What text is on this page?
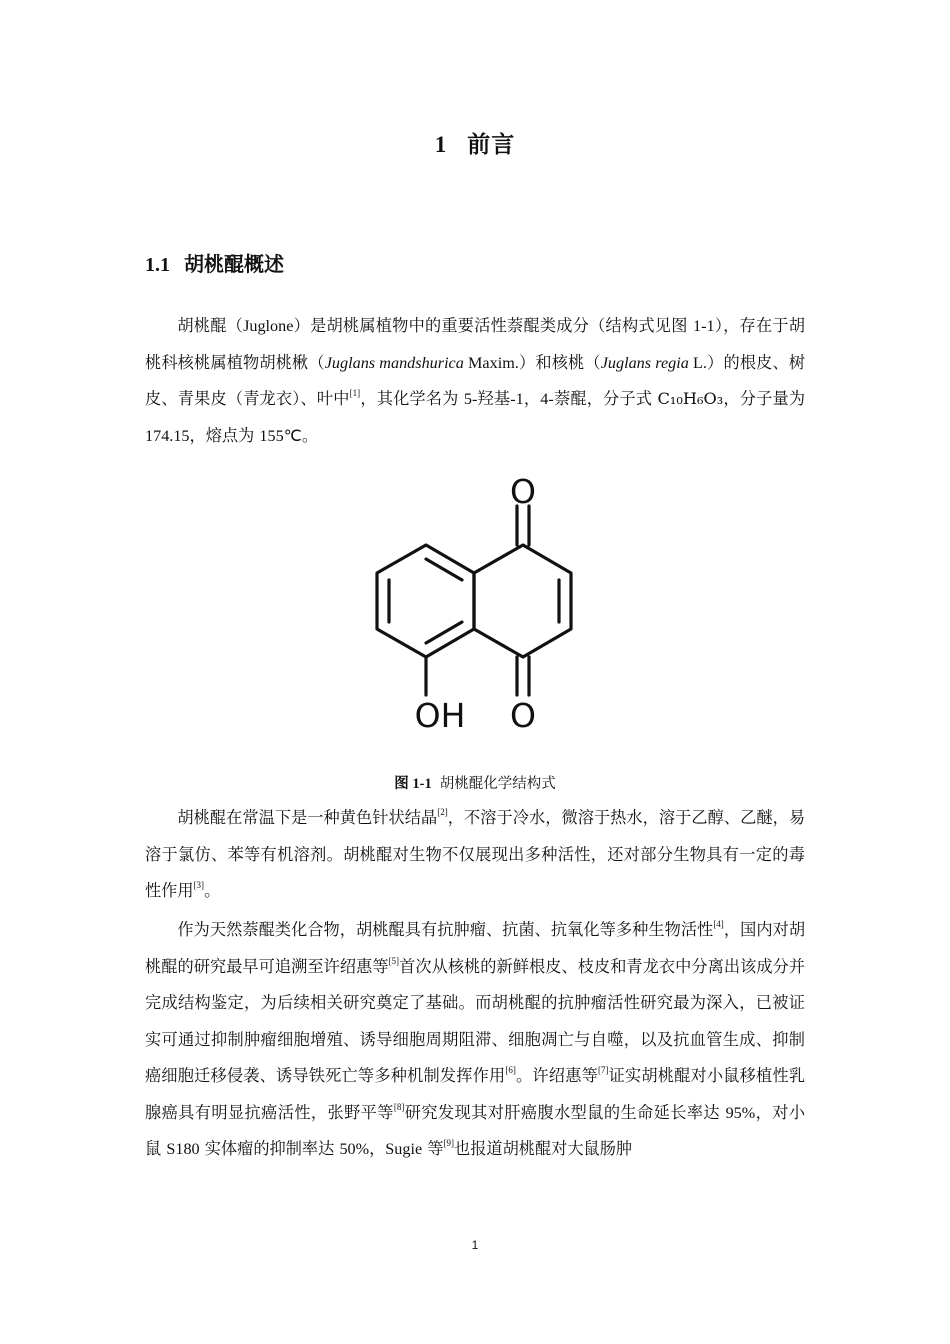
1 前言
1.1 胡桃醌概述

胡桃醌（Juglone）是胡桃属植物中的重要活性萘醌类成分（结构式见图 1-1），存在于胡桃科核桃属植物胡桃楸（Juglans mandshurica Maxim.）和核桃（Juglans regia L.）的根皮、树皮、青果皮（青龙衣）、叶中[1]，其化学名为 5-羟基-1，4-萘醌，分子式 C₁₀H₆O₃，分子量为 174.15，熔点为 155℃。

O
O
OH
图 1-1 胡桃醌化学结构式

胡桃醌在常温下是一种黄色针状结晶[2]，不溶于冷水，微溶于热水，溶于乙醇、乙醚，易溶于氯仿、苯等有机溶剂。胡桃醌对生物不仅展现出多种活性，还对部分生物具有一定的毒性作用[3]。

作为天然萘醌类化合物，胡桃醌具有抗肿瘤、抗菌、抗氧化等多种生物活性[4]，国内对胡桃醌的研究最早可追溯至许绍惠等[5]首次从核桃的新鲜根皮、枝皮和青龙衣中分离出该成分并完成结构鉴定，为后续相关研究奠定了基础。而胡桃醌的抗肿瘤活性研究最为深入，已被证实可通过抑制肿瘤细胞增殖、诱导细胞周期阻滞、细胞凋亡与自噬，以及抗血管生成、抑制癌细胞迁移侵袭、诱导铁死亡等多种机制发挥作用[6]。许绍惠等[7]证实胡桃醌对小鼠移植性乳腺癌具有明显抗癌活性，张野平等[8]研究发现其对肝癌腹水型鼠的生命延长率达 95%，对小鼠 S180 实体瘤的抑制率达 50%，Sugie 等[9]也报道胡桃醌对大鼠肠肿

1
